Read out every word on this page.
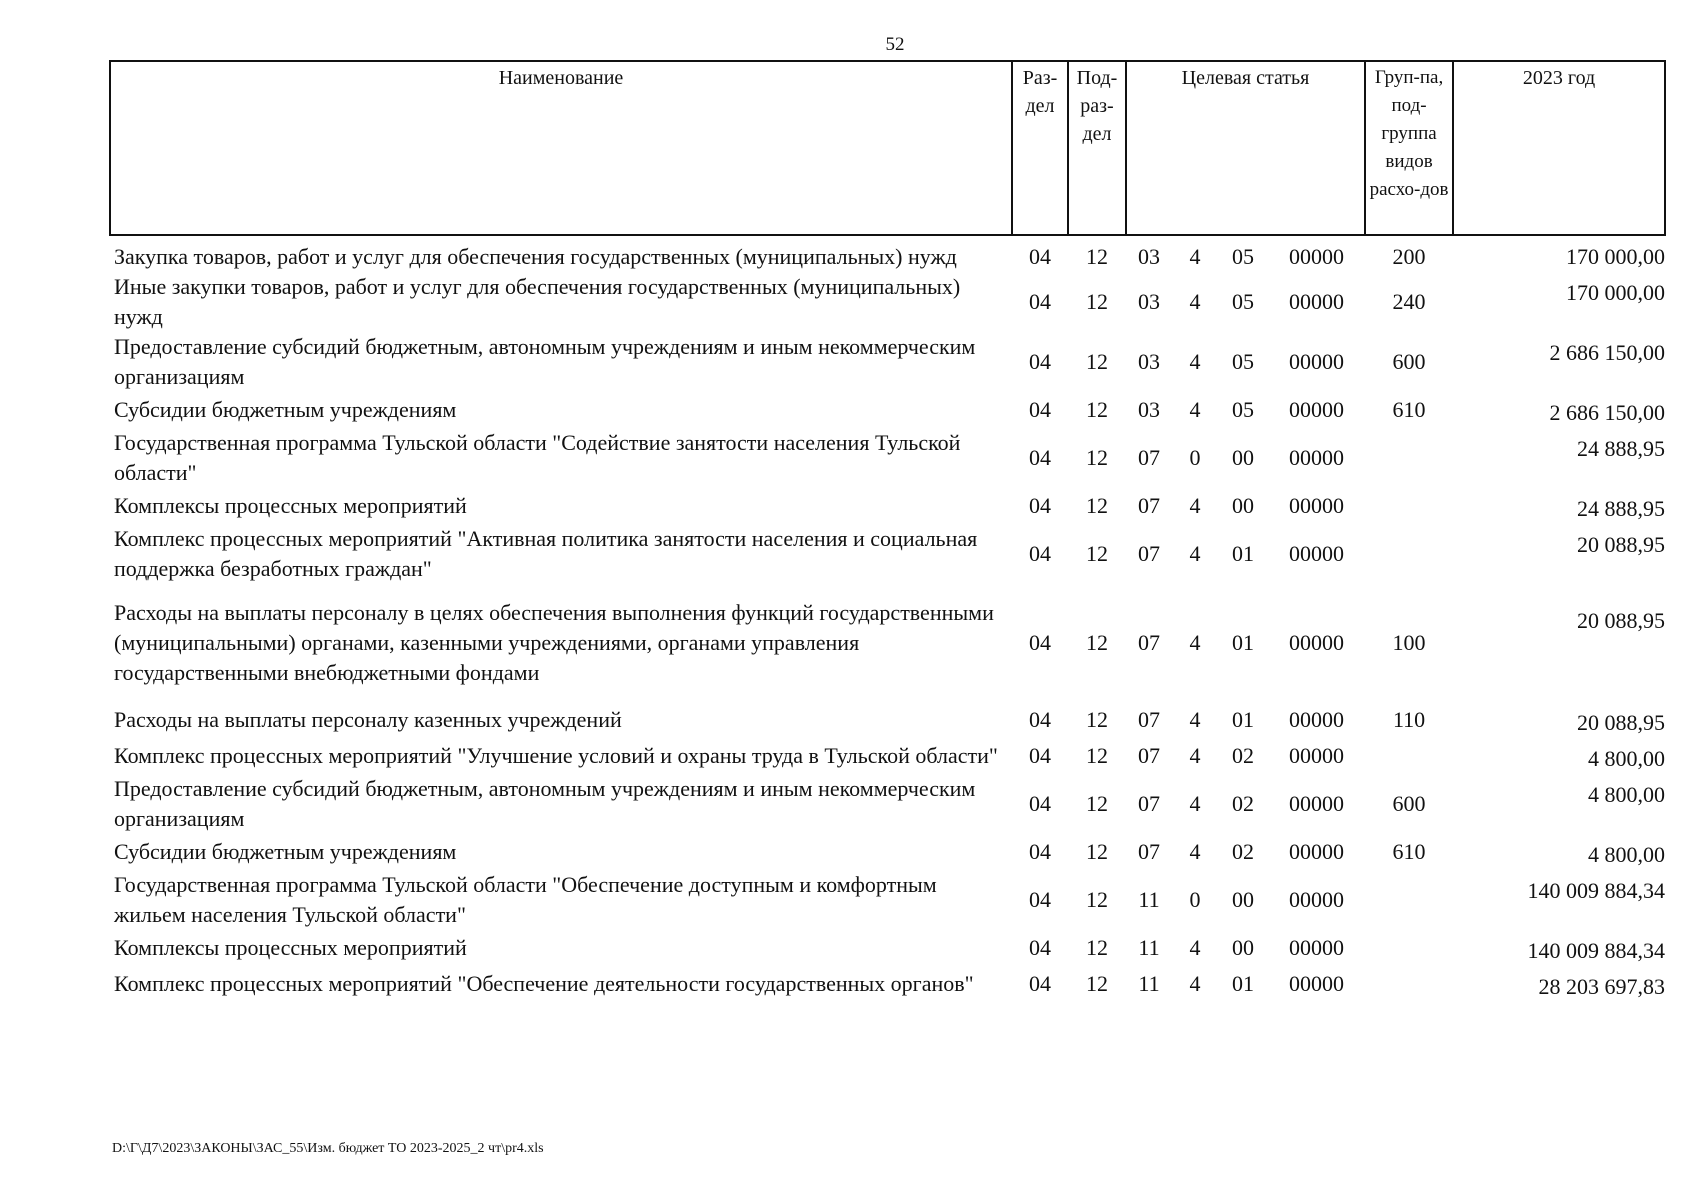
52
Наименование	Раз-дел	Под-раз-дел	Целевая статья				Груп-па, под-группа видов расхо-дов	2023 год
Закупка товаров, работ и услуг для обеспечения государственных (муниципальных) нужд	04	12	03	4	05	00000	200	170 000,00
Иные закупки товаров, работ и услуг для обеспечения государственных (муниципальных) нужд	04	12	03	4	05	00000	240	170 000,00
Предоставление субсидий бюджетным, автономным учреждениям и иным некоммерческим организациям	04	12	03	4	05	00000	600	2 686 150,00
Субсидии бюджетным учреждениям	04	12	03	4	05	00000	610	2 686 150,00
Государственная программа Тульской области "Содействие занятости населения Тульской области"	04	12	07	0	00	00000		24 888,95
Комплексы процессных мероприятий	04	12	07	4	00	00000		24 888,95
Комплекс процессных мероприятий "Активная политика занятости населения и социальная поддержка безработных граждан"	04	12	07	4	01	00000		20 088,95
Расходы на выплаты персоналу в целях обеспечения выполнения функций государственными (муниципальными) органами, казенными учреждениями, органами управления государственными внебюджетными фондами	04	12	07	4	01	00000	100	20 088,95
Расходы на выплаты персоналу казенных учреждений	04	12	07	4	01	00000	110	20 088,95
Комплекс процессных мероприятий "Улучшение условий и охраны труда в Тульской области"	04	12	07	4	02	00000		4 800,00
Предоставление субсидий бюджетным, автономным учреждениям и иным некоммерческим организациям	04	12	07	4	02	00000	600	4 800,00
Субсидии бюджетным учреждениям	04	12	07	4	02	00000	610	4 800,00
Государственная программа Тульской области "Обеспечение доступным и комфортным жильем населения Тульской области"	04	12	11	0	00	00000		140 009 884,34
Комплексы процессных мероприятий	04	12	11	4	00	00000		140 009 884,34
Комплекс процессных мероприятий "Обеспечение деятельности государственных органов"	04	12	11	4	01	00000		28 203 697,83
D:\Г\Д7\2023\ЗАКОНЫ\ЗАС_55\Изм. бюджет ТО 2023-2025_2 чт\pr4.xls
